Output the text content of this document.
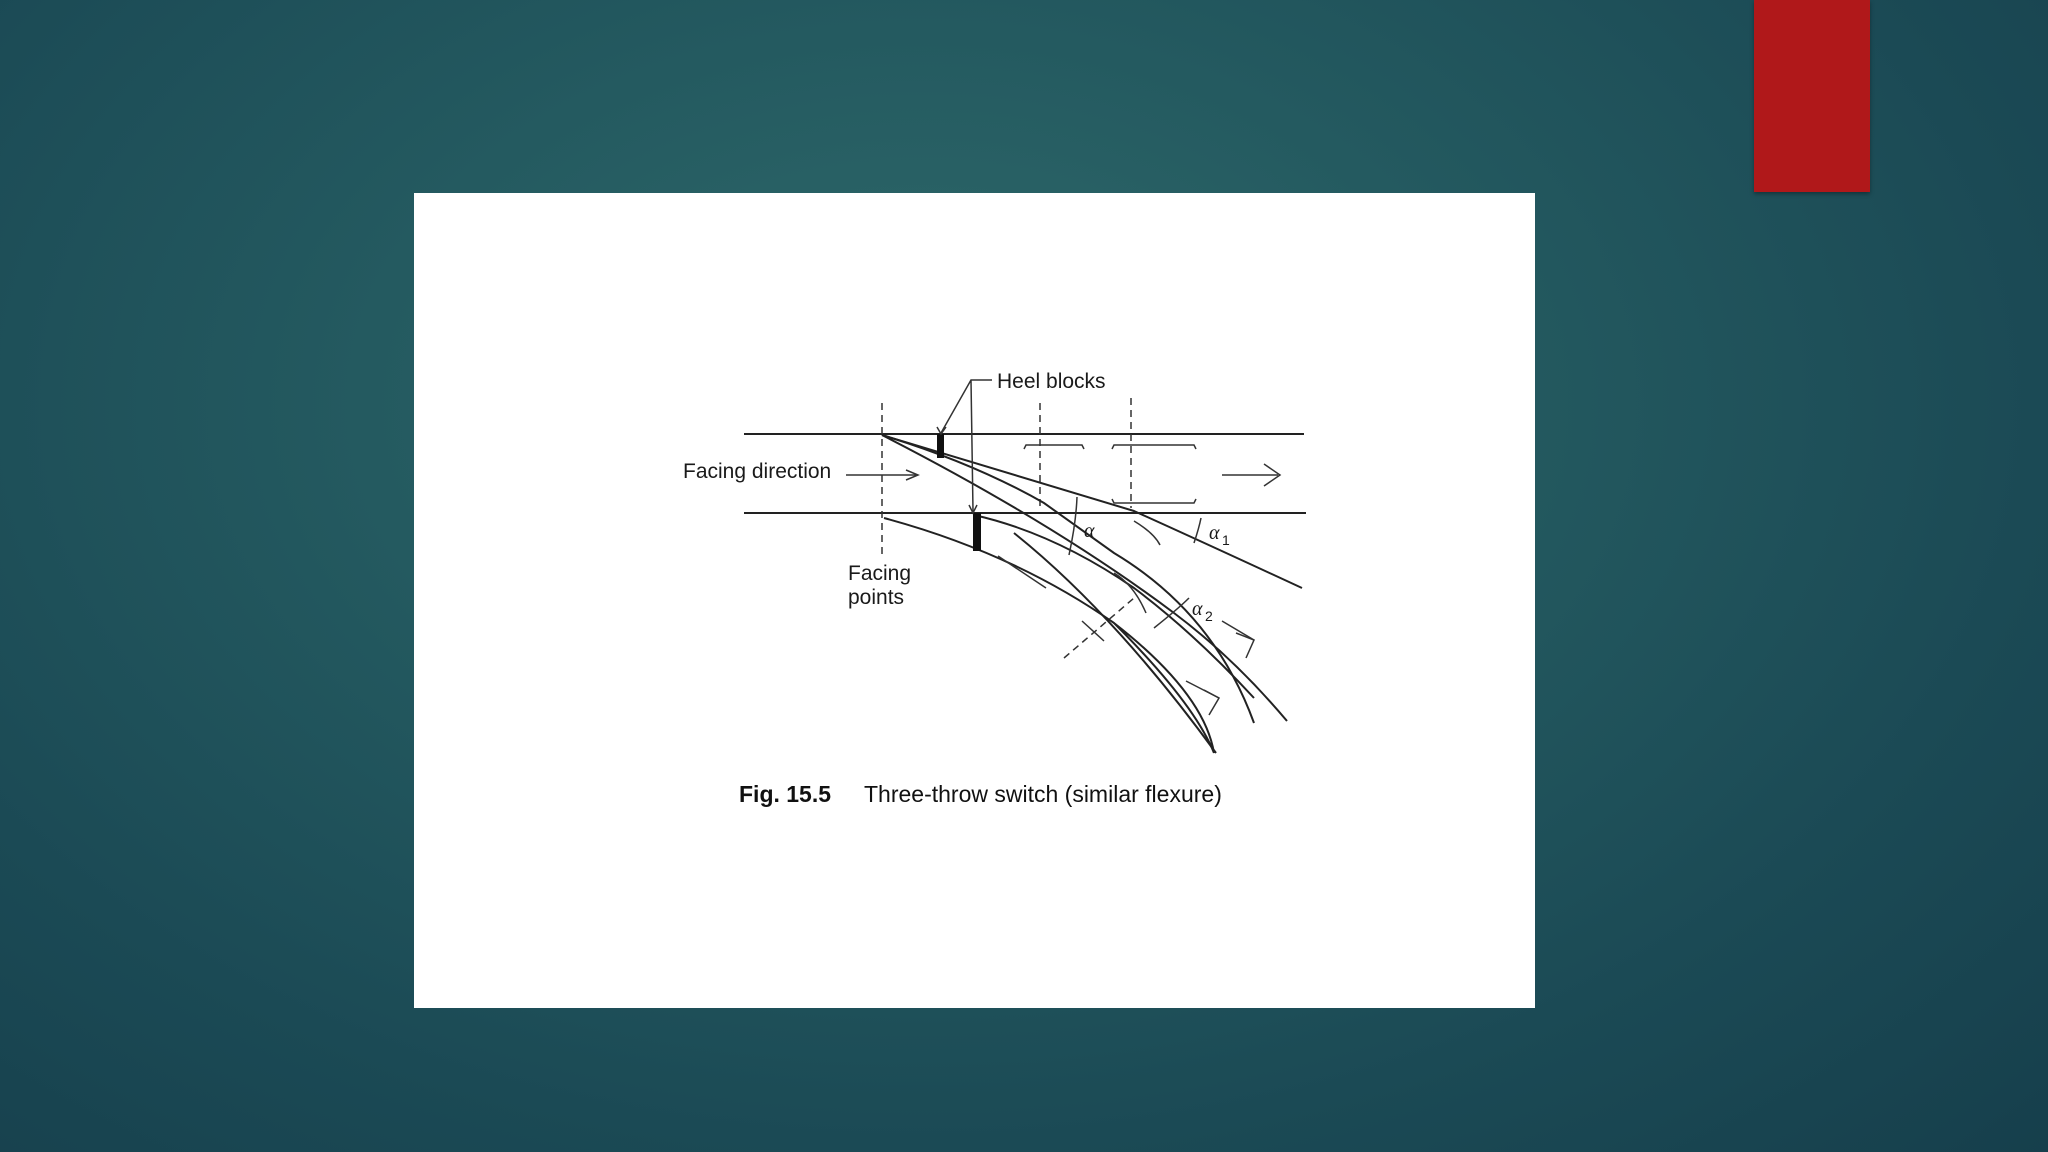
Heel blocks
Facing direction
Facing
points
α	α 1
α 2
Fig. 15.5 Three-throw switch (similar flexure)
